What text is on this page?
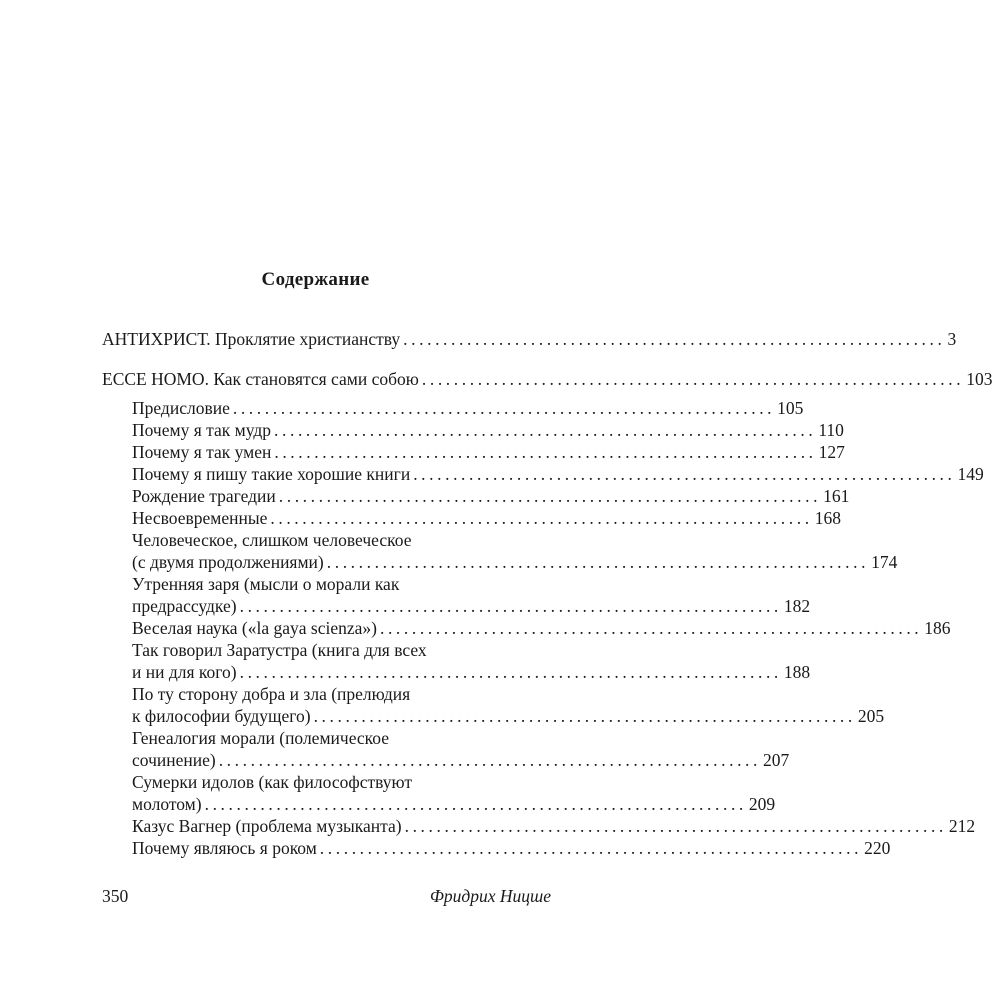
Содержание
АНТИХРИСТ. Проклятие христианству .................................................................... 3
ECCE HOMO. Как становятся сами собою .................................................................... 103
Предисловие .................................................................... 105
Почему я так мудр .................................................................... 110
Почему я так умен .................................................................... 127
Почему я пишу такие хорошие книги .................................................................... 149
Рождение трагедии .................................................................... 161
Несвоевременные .................................................................... 168
Человеческое, слишком человеческое
(с двумя продолжениями) .................................................................... 174
Утренняя заря (мысли о морали как
предрассудке) .................................................................... 182
Веселая наука («la gaya scienza») .................................................................... 186
Так говорил Заратустра (книга для всех
и ни для кого) .................................................................... 188
По ту сторону добра и зла (прелюдия
к философии будущего) .................................................................... 205
Генеалогия морали (полемическое
сочинение) .................................................................... 207
Сумерки идолов (как философствуют
молотом) .................................................................... 209
Казус Вагнер (проблема музыканта) .................................................................... 212
Почему являюсь я роком .................................................................... 220
350	Фридрих Ницше
